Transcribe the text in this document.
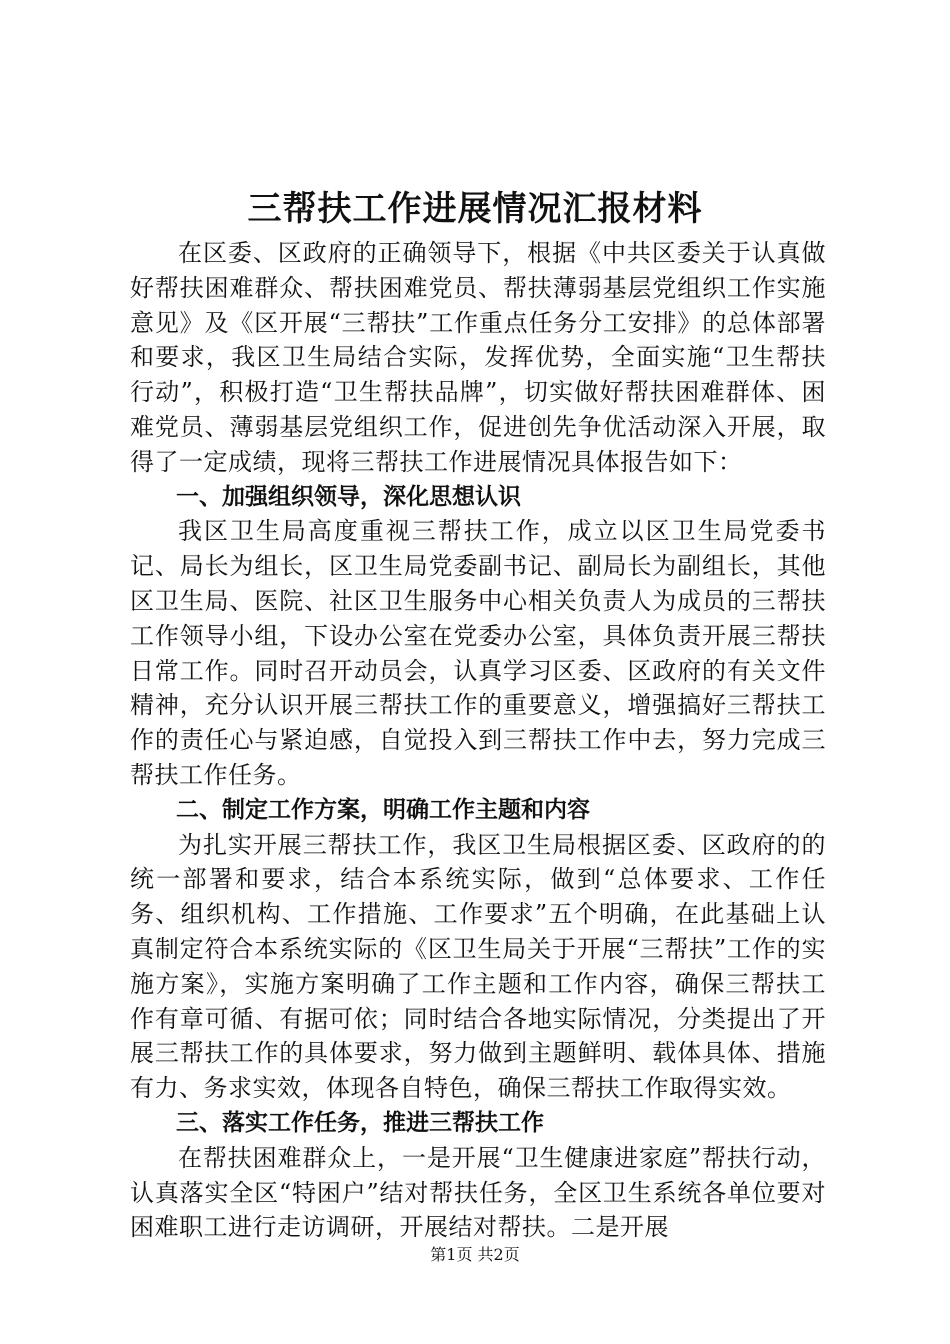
三帮扶工作进展情况汇报材料

在区委、区政府的正确领导下，根据《中共区委关于认真做好帮扶困难群众、帮扶困难党员、帮扶薄弱基层党组织工作实施意见》及《区开展“三帮扶”工作重点任务分工安排》的总体部署和要求，我区卫生局结合实际，发挥优势，全面实施“卫生帮扶行动”，积极打造“卫生帮扶品牌”，切实做好帮扶困难群体、困难党员、薄弱基层党组织工作，促进创先争优活动深入开展，取得了一定成绩，现将三帮扶工作进展情况具体报告如下：

一、加强组织领导，深化思想认识

我区卫生局高度重视三帮扶工作，成立以区卫生局党委书记、局长为组长，区卫生局党委副书记、副局长为副组长，其他区卫生局、医院、社区卫生服务中心相关负责人为成员的三帮扶工作领导小组，下设办公室在党委办公室，具体负责开展三帮扶日常工作。同时召开动员会，认真学习区委、区政府的有关文件精神，充分认识开展三帮扶工作的重要意义，增强搞好三帮扶工作的责任心与紧迫感，自觉投入到三帮扶工作中去，努力完成三帮扶工作任务。

二、制定工作方案，明确工作主题和内容

为扎实开展三帮扶工作，我区卫生局根据区委、区政府的的统一部署和要求，结合本系统实际，做到“总体要求、工作任务、组织机构、工作措施、工作要求”五个明确，在此基础上认真制定符合本系统实际的《区卫生局关于开展“三帮扶”工作的实施方案》，实施方案明确了工作主题和工作内容，确保三帮扶工作有章可循、有据可依；同时结合各地实际情况，分类提出了开展三帮扶工作的具体要求，努力做到主题鲜明、载体具体、措施有力、务求实效，体现各自特色，确保三帮扶工作取得实效。

三、落实工作任务，推进三帮扶工作

在帮扶困难群众上，一是开展“卫生健康进家庭”帮扶行动，认真落实全区“特困户”结对帮扶任务，全区卫生系统各单位要对困难职工进行走访调研，开展结对帮扶。二是开展

第1页 共2页
